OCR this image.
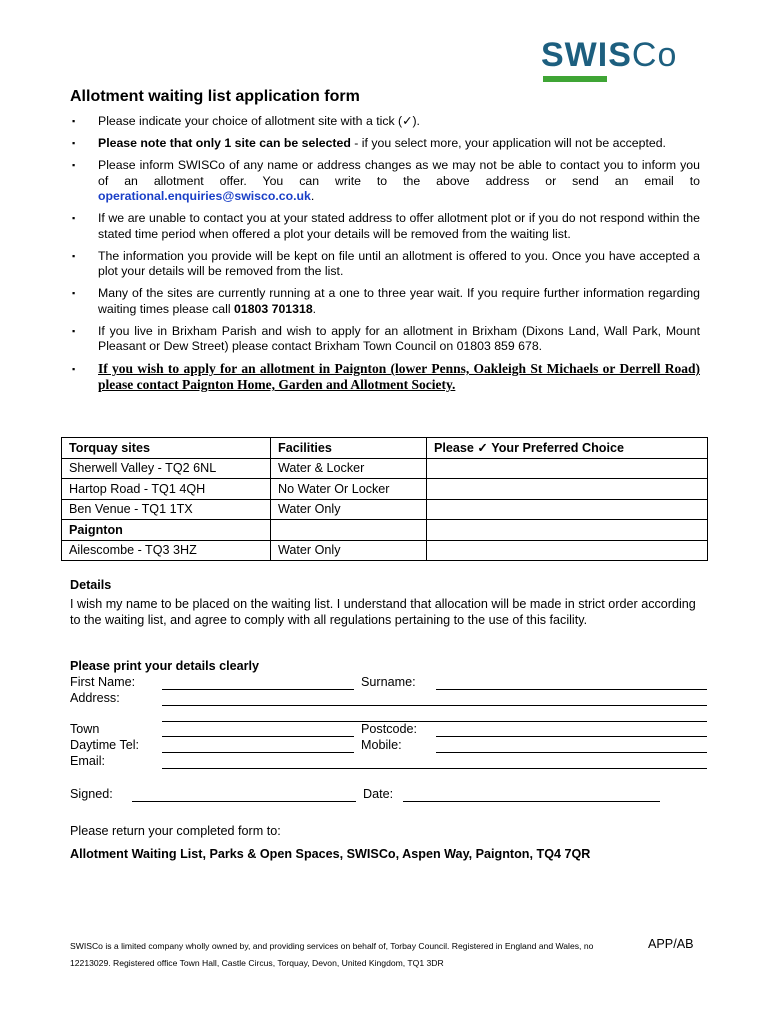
SWISCo
Allotment waiting list application form
▪ Please indicate your choice of allotment site with a tick (✓).
▪ Please note that only 1 site can be selected - if you select more, your application will not be accepted.
▪ Please inform SWISCo of any name or address changes as we may not be able to contact you to inform you of an allotment offer. You can write to the above address or send an email to operational.enquiries@swisco.co.uk.
▪ If we are unable to contact you at your stated address to offer allotment plot or if you do not respond within the stated time period when offered a plot your details will be removed from the waiting list.
▪ The information you provide will be kept on file until an allotment is offered to you. Once you have accepted a plot your details will be removed from the list.
▪ Many of the sites are currently running at a one to three year wait. If you require further information regarding waiting times please call 01803 701318.
▪ If you live in Brixham Parish and wish to apply for an allotment in Brixham (Dixons Land, Wall Park, Mount Pleasant or Dew Street) please contact Brixham Town Council on 01803 859 678.
▪ If you wish to apply for an allotment in Paignton (lower Penns, Oakleigh St Michaels or Derrell Road) please contact Paignton Home, Garden and Allotment Society.
Torquay sites	Facilities	Please ✓ Your Preferred Choice
Sherwell Valley - TQ2 6NL	Water & Locker	
Hartop Road - TQ1 4QH	No Water Or Locker	
Ben Venue - TQ1 1TX	Water Only	
Paignton		
Ailescombe - TQ3 3HZ	Water Only	
Details
I wish my name to be placed on the waiting list. I understand that allocation will be made in strict order according to the waiting list, and agree to comply with all regulations pertaining to the use of this facility.
Please print your details clearly
First Name:	Surname:
Address:
Town	Postcode:
Daytime Tel:	Mobile:
Email:
Signed:	Date:
Please return your completed form to:
Allotment Waiting List, Parks & Open Spaces, SWISCo, Aspen Way, Paignton, TQ4 7QR
SWISCo is a limited company wholly owned by, and providing services on behalf of, Torbay Council. Registered in England and Wales, no 12213029. Registered office Town Hall, Castle Circus, Torquay, Devon, United Kingdom, TQ1 3DR
APP/AB
